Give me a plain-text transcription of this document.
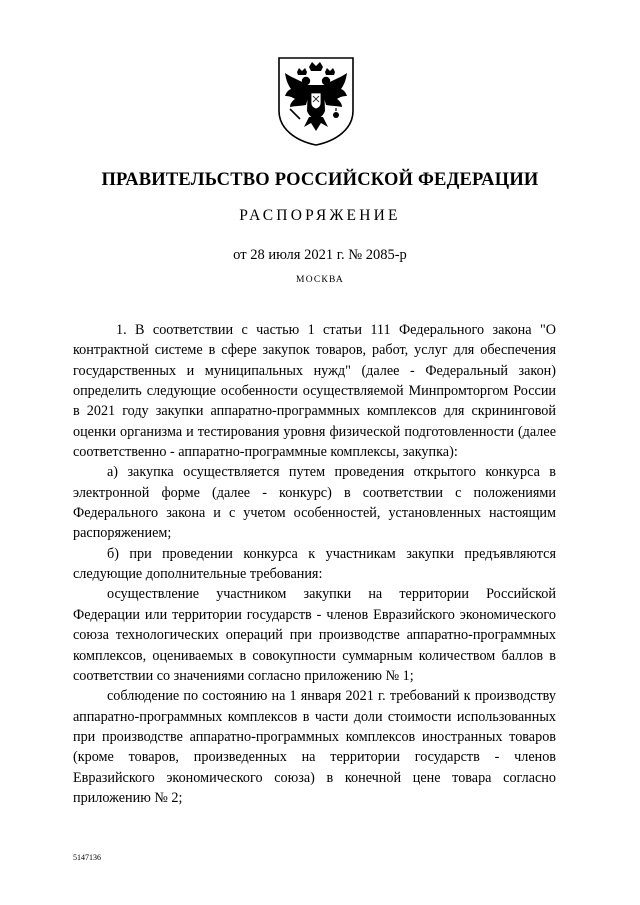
ПРАВИТЕЛЬСТВО РОССИЙСКОЙ ФЕДЕРАЦИИ
РАСПОРЯЖЕНИЕ
от 28 июля 2021 г. № 2085-р
МОСКВА

1. В соответствии с частью 1 статьи 111 Федерального закона "О контрактной системе в сфере закупок товаров, работ, услуг для обеспечения государственных и муниципальных нужд" (далее - Федеральный закон) определить следующие особенности осуществляемой Минпромторгом России в 2021 году закупки аппаратно-программных комплексов для скрининговой оценки организма и тестирования уровня физической подготовленности (далее соответственно - аппаратно-программные комплексы, закупка):

а) закупка осуществляется путем проведения открытого конкурса в электронной форме (далее - конкурс) в соответствии с положениями Федерального закона и с учетом особенностей, установленных настоящим распоряжением;

б) при проведении конкурса к участникам закупки предъявляются следующие дополнительные требования:

осуществление участником закупки на территории Российской Федерации или территории государств - членов Евразийского экономического союза технологических операций при производстве аппаратно-программных комплексов, оцениваемых в совокупности суммарным количеством баллов в соответствии со значениями согласно приложению № 1;

соблюдение по состоянию на 1 января 2021 г. требований к производству аппаратно-программных комплексов в части доли стоимости использованных при производстве аппаратно-программных комплексов иностранных товаров (кроме товаров, произведенных на территории государств - членов Евразийского экономического союза) в конечной цене товара согласно приложению № 2;

5147136
